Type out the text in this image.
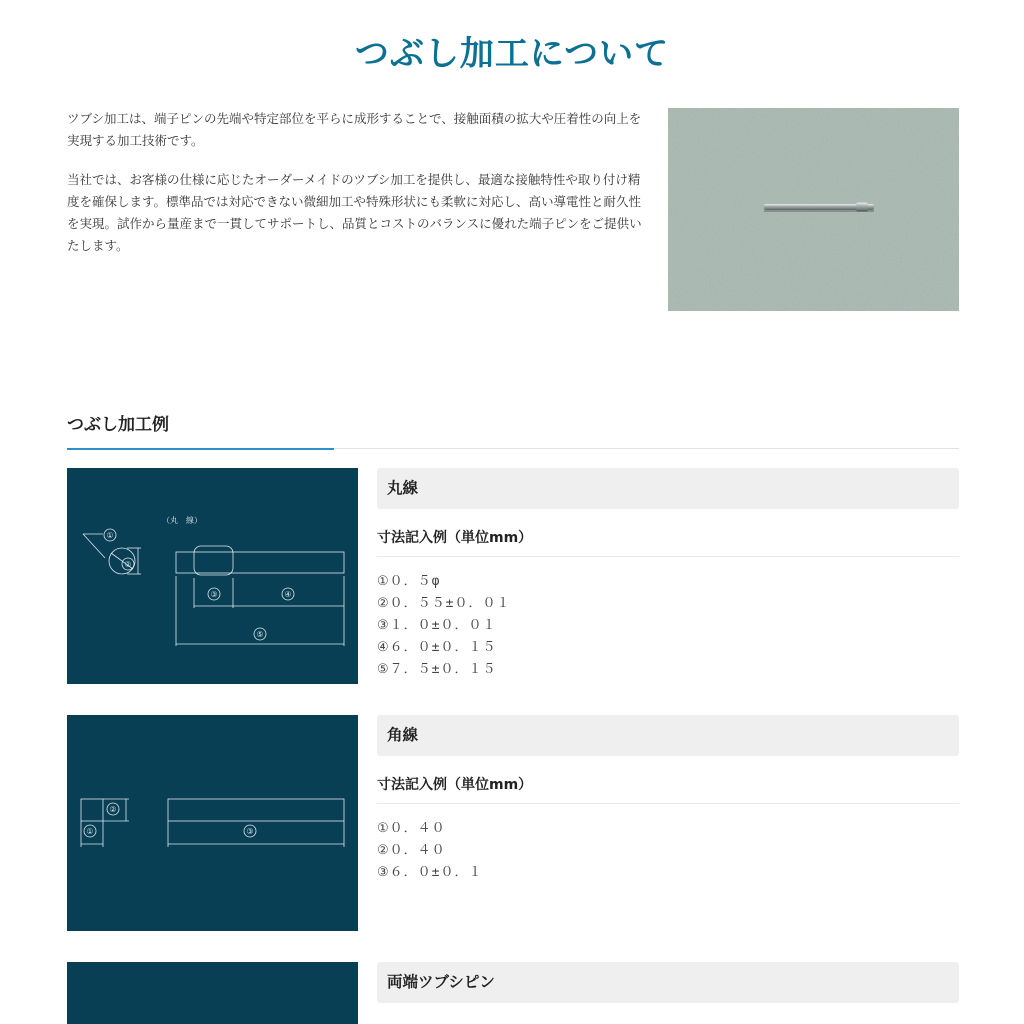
つぶし加工について

ツブシ加工は、端子ピンの先端や特定部位を平らに成形することで、接触面積の拡大や圧着性の向上を実現する加工技術です。

当社では、お客様の仕様に応じたオーダーメイドのツブシ加工を提供し、最適な接触特性や取り付け精度を確保します。標準品では対応できない微細加工や特殊形状にも柔軟に対応し、高い導電性と耐久性を実現。試作から量産まで一貫してサポートし、品質とコストのバランスに優れた端子ピンをご提供いたします。

つぶし加工例
（丸　線）
①
②
③	④
⑤
丸線
寸法記入例（単位mm）
①０．５φ
②０．５５±０．０１
③１．０±０．０１
④６．０±０．１５
⑤７．５±０．１５
②
①	③
角線
寸法記入例（単位mm）
①０．４０
②０．４０
③６．０±０．１
両端ツブシピン
